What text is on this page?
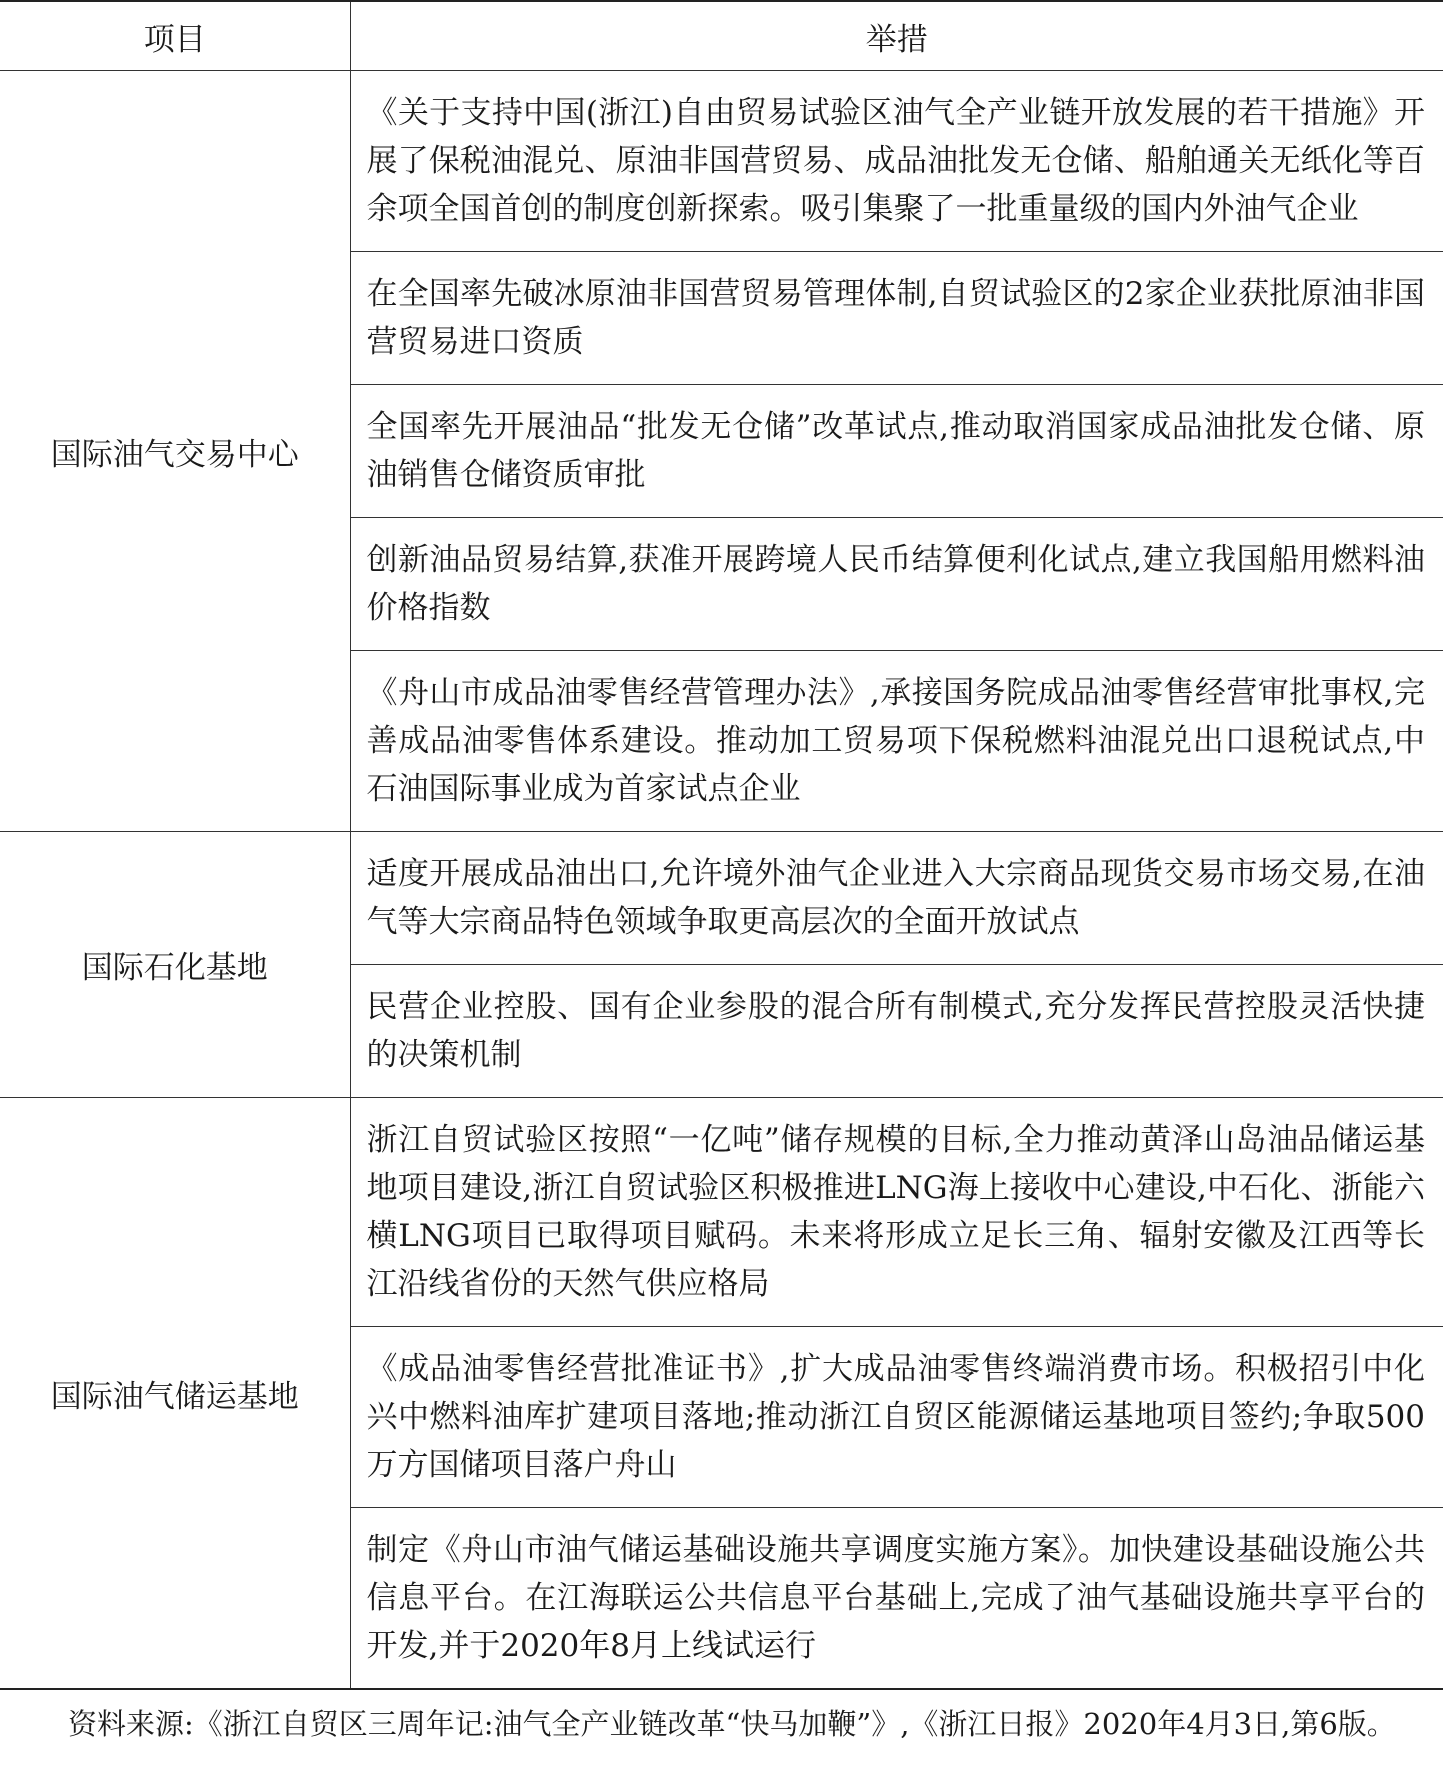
项目	举措
国际油气交易中心	《关于支持中国(浙江)自由贸易试验区油气全产业链开放发展的若干措施》开展了保税油混兑、原油非国营贸易、成品油批发无仓储、船舶通关无纸化等百余项全国首创的制度创新探索。吸引集聚了一批重量级的国内外油气企业
	在全国率先破冰原油非国营贸易管理体制,自贸试验区的2家企业获批原油非国营贸易进口资质
	全国率先开展油品“批发无仓储”改革试点,推动取消国家成品油批发仓储、原油销售仓储资质审批
	创新油品贸易结算,获准开展跨境人民币结算便利化试点,建立我国船用燃料油价格指数
	《舟山市成品油零售经营管理办法》,承接国务院成品油零售经营审批事权,完善成品油零售体系建设。推动加工贸易项下保税燃料油混兑出口退税试点,中石油国际事业成为首家试点企业
国际石化基地	适度开展成品油出口,允许境外油气企业进入大宗商品现货交易市场交易,在油气等大宗商品特色领域争取更高层次的全面开放试点
	民营企业控股、国有企业参股的混合所有制模式,充分发挥民营控股灵活快捷的决策机制
国际油气储运基地	浙江自贸试验区按照“一亿吨”储存规模的目标,全力推动黄泽山岛油品储运基地项目建设,浙江自贸试验区积极推进LNG海上接收中心建设,中石化、浙能六横LNG项目已取得项目赋码。未来将形成立足长三角、辐射安徽及江西等长江沿线省份的天然气供应格局
	《成品油零售经营批准证书》,扩大成品油零售终端消费市场。积极招引中化兴中燃料油库扩建项目落地;推动浙江自贸区能源储运基地项目签约;争取500万方国储项目落户舟山
	制定《舟山市油气储运基础设施共享调度实施方案》。加快建设基础设施公共信息平台。在江海联运公共信息平台基础上,完成了油气基础设施共享平台的开发,并于2020年8月上线试运行

资料来源:《浙江自贸区三周年记:油气全产业链改革“快马加鞭”》,《浙江日报》2020年4月3日,第6版。
